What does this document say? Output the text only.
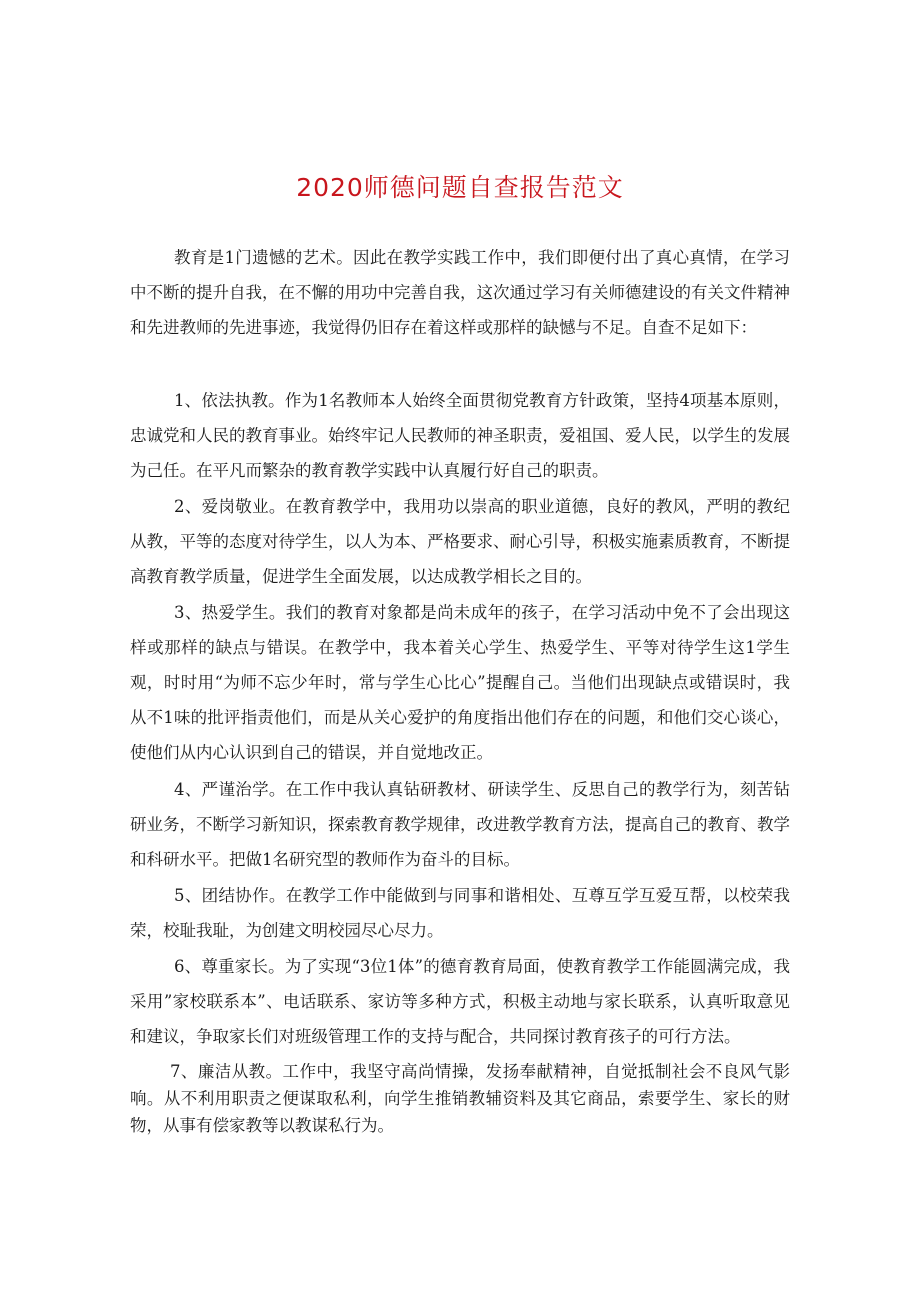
2020师德问题自查报告范文
教育是1门遗憾的艺术。因此在教学实践工作中，我们即便付出了真心真情，在学习中不断的提升自我，在不懈的用功中完善自我，这次通过学习有关师德建设的有关文件精神和先进教师的先进事迹，我觉得仍旧存在着这样或那样的缺憾与不足。自查不足如下：
1、依法执教。作为1名教师本人始终全面贯彻党教育方针政策，坚持4项基本原则，忠诚党和人民的教育事业。始终牢记人民教师的神圣职责，爱祖国、爱人民，以学生的发展为己任。在平凡而繁杂的教育教学实践中认真履行好自己的职责。
2、爱岗敬业。在教育教学中，我用功以崇高的职业道德，良好的教风，严明的教纪从教，平等的态度对待学生，以人为本、严格要求、耐心引导，积极实施素质教育，不断提高教育教学质量，促进学生全面发展，以达成教学相长之目的。
3、热爱学生。我们的教育对象都是尚未成年的孩子，在学习活动中免不了会出现这样或那样的缺点与错误。在教学中，我本着关心学生、热爱学生、平等对待学生这1学生观，时时用“为师不忘少年时，常与学生心比心”提醒自己。当他们出现缺点或错误时，我从不1味的批评指责他们，而是从关心爱护的角度指出他们存在的问题，和他们交心谈心，使他们从内心认识到自己的错误，并自觉地改正。
4、严谨治学。在工作中我认真钻研教材、研读学生、反思自己的教学行为，刻苦钻研业务，不断学习新知识，探索教育教学规律，改进教学教育方法，提高自己的教育、教学和科研水平。把做1名研究型的教师作为奋斗的目标。
5、团结协作。在教学工作中能做到与同事和谐相处、互尊互学互爱互帮，以校荣我荣，校耻我耻，为创建文明校园尽心尽力。
6、尊重家长。为了实现“3位1体”的德育教育局面，使教育教学工作能圆满完成，我采用”家校联系本”、电话联系、家访等多种方式，积极主动地与家长联系，认真听取意见和建议，争取家长们对班级管理工作的支持与配合，共同探讨教育孩子的可行方法。
7、廉洁从教。工作中，我坚守高尚情操，发扬奉献精神，自觉抵制社会不良风气影响。从不利用职责之便谋取私利，向学生推销教辅资料及其它商品，索要学生、家长的财物，从事有偿家教等以教谋私行为。
